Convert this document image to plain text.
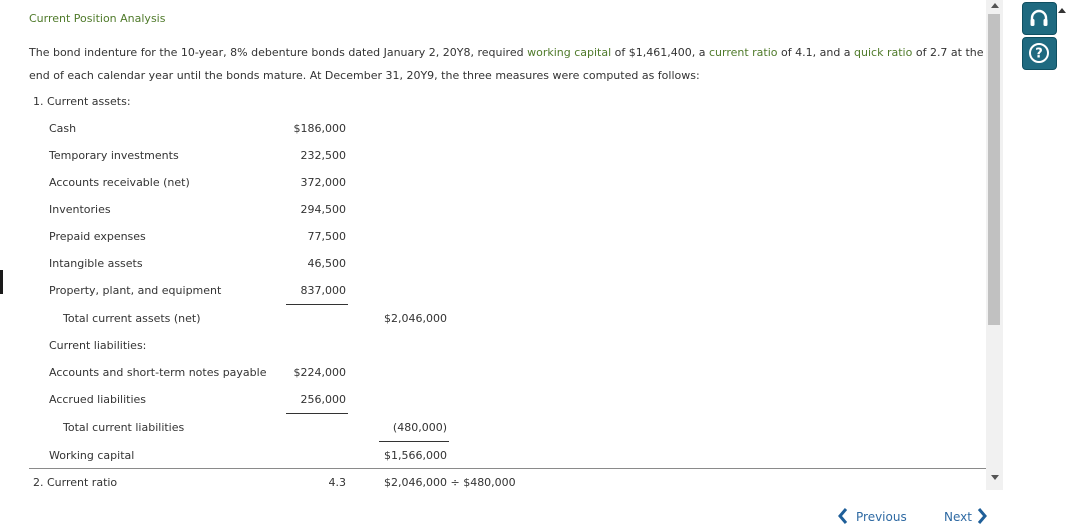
Current Position Analysis
The bond indenture for the 10-year, 8% debenture bonds dated January 2, 20Y8, required working capital of $1,461,400, a current ratio of 4.1, and a quick ratio of 2.7 at the end of each calendar year until the bonds mature. At December 31, 20Y9, the three measures were computed as follows:
1. Current assets:
Cash	$186,000
Temporary investments	232,500
Accounts receivable (net)	372,000
Inventories	294,500
Prepaid expenses	77,500
Intangible assets	46,500
Property, plant, and equipment	837,000
Total current assets (net)	$2,046,000
Current liabilities:
Accounts and short-term notes payable	$224,000
Accrued liabilities	256,000
Total current liabilities	(480,000)
Working capital	$1,566,000
2. Current ratio	4.3	$2,046,000 ÷ $480,000
?
Previous	Next
